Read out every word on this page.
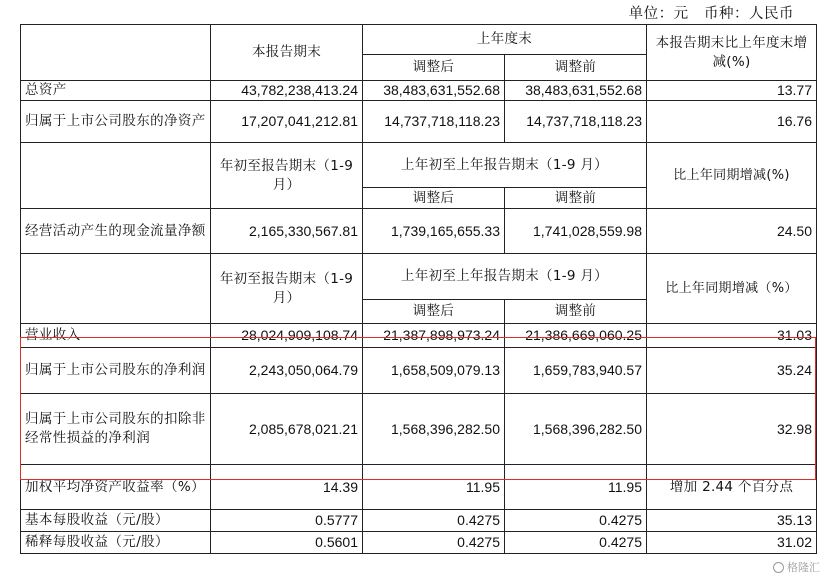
单位：元   币种：人民币
	本报告期末	上年度末		本报告期末比上年度末增减(%)
		调整后	调整前	
总资产	43,782,238,413.24	38,483,631,552.68	38,483,631,552.68	13.77
归属于上市公司股东的净资产	17,207,041,212.81	14,737,718,118.23	14,737,718,118.23	16.76
	年初至报告期末（1-9 月）	上年初至上年报告期末（1-9 月）		比上年同期增减(%)
		调整后	调整前	
经营活动产生的现金流量净额	2,165,330,567.81	1,739,165,655.33	1,741,028,559.98	24.50
	年初至报告期末（1-9 月）	上年初至上年报告期末（1-9 月）		比上年同期增减（%）
		调整后	调整前	
营业收入	28,024,909,108.74	21,387,898,973.24	21,386,669,060.25	31.03
归属于上市公司股东的净利润	2,243,050,064.79	1,658,509,079.13	1,659,783,940.57	35.24
归属于上市公司股东的扣除非经常性损益的净利润	2,085,678,021.21	1,568,396,282.50	1,568,396,282.50	32.98
加权平均净资产收益率（%）	14.39	11.95	11.95	增加 2.44 个百分点
基本每股收益（元/股）	0.5777	0.4275	0.4275	35.13
稀释每股收益（元/股）	0.5601	0.4275	0.4275	31.02
格隆汇
